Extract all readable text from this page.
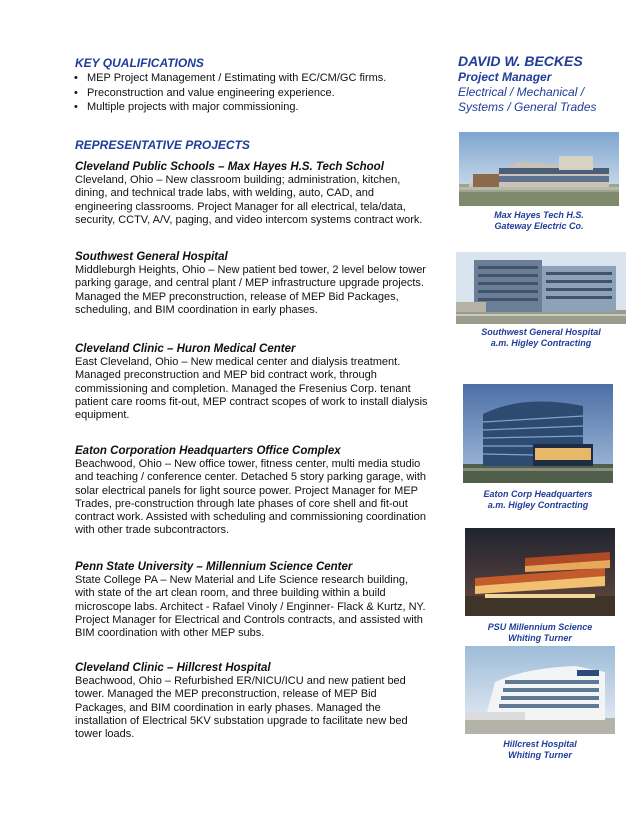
KEY QUALIFICATIONS
• MEP Project Management / Estimating with EC/CM/GC firms.
• Preconstruction and value engineering experience.
• Multiple projects with major commissioning.
DAVID W. BECKES
Project Manager
Electrical / Mechanical /
Systems / General Trades
REPRESENTATIVE PROJECTS
Cleveland Public Schools – Max Hayes H.S. Tech School
Cleveland, Ohio – New classroom building; administration, kitchen,
dining, and technical trade labs, with welding, auto, CAD, and
engineering classrooms. Project Manager for all electrical, tela/data,
security, CCTV, A/V, paging, and video intercom systems contract work.
Southwest General Hospital
Middleburgh Heights, Ohio – New patient bed tower, 2 level below tower
parking garage, and central plant / MEP infrastructure upgrade projects.
Managed the MEP preconstruction, release of MEP Bid Packages,
scheduling, and BIM coordination in early phases.
Cleveland Clinic – Huron Medical Center
East Cleveland, Ohio – New medical center and dialysis treatment.
Managed preconstruction and MEP bid contract work, through
commissioning and completion. Managed the Fresenius Corp. tenant
patient care rooms fit-out, MEP contract scopes of work to install dialysis
equipment.
Eaton Corporation Headquarters Office Complex
Beachwood, Ohio – New office tower, fitness center, multi media studio
and teaching / conference center. Detached 5 story parking garage, with
solar electrical panels for light source power. Project Manager for MEP
Trades, pre-construction through late phases of core shell and fit-out
contract work. Assisted with scheduling and commissioning coordination
with other trade subcontractors.
Penn State University – Millennium Science Center
State College PA – New Material and Life Science research building,
with state of the art clean room, and three building within a build
microscope labs. Architect - Rafael Vinoly / Enginner- Flack & Kurtz, NY.
Project Manager for Electrical and Controls contracts, and assisted with
BIM coordination with other MEP subs.
Cleveland Clinic – Hillcrest Hospital
Beachwood, Ohio – Refurbished ER/NICU/ICU and new patient bed
tower. Managed the MEP preconstruction, release of MEP Bid
Packages, and BIM coordination in early phases. Managed the
installation of Electrical 5KV substation upgrade to facilitate new bed
tower loads.
Max Hayes Tech H.S.
Gateway Electric Co.
Southwest General Hospital
a.m. Higley Contracting
Eaton Corp Headquarters
a.m. Higley Contracting
PSU Millennium Science
Whiting Turner
Hillcrest Hospital
Whiting Turner
